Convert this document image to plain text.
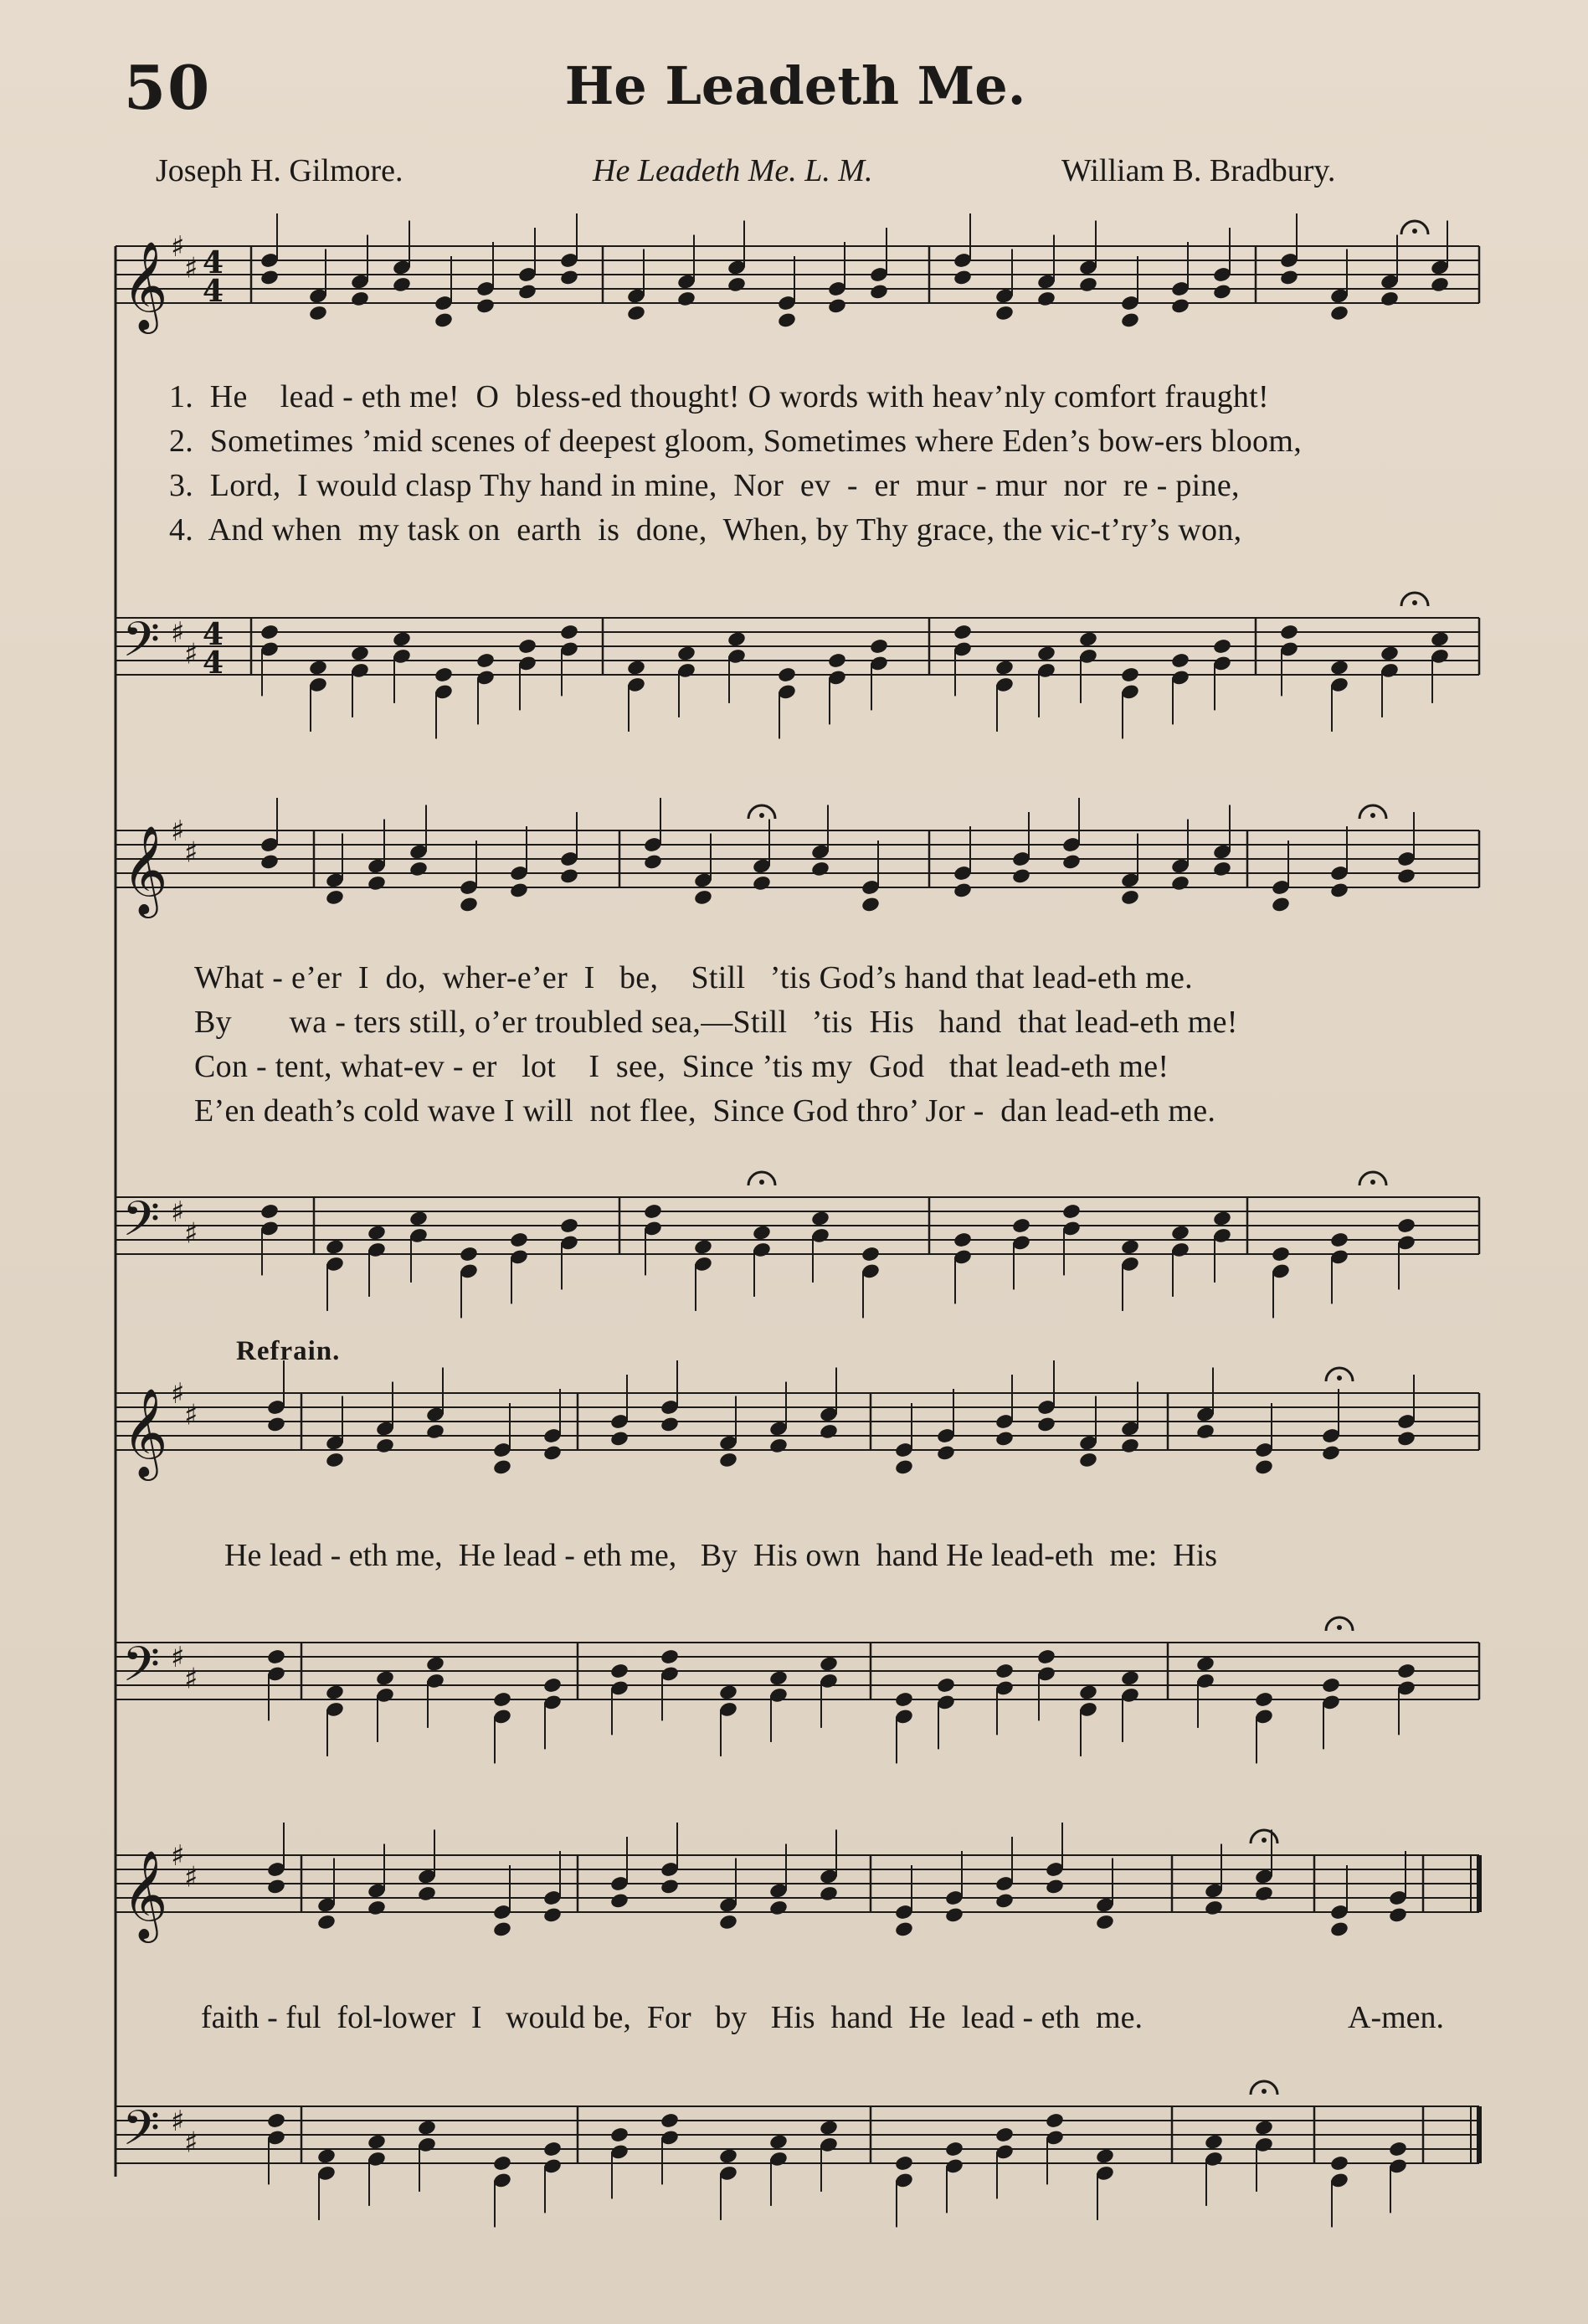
50	He Leadeth Me.
Joseph H. Gilmore.	He Leadeth Me. L. M.	William B. Bradbury.
𝄞
𝄢
♯
♯
♯
♯
4
4
4
4
𝄞
𝄢
♯
♯
♯
♯
𝄞
𝄢
♯
♯
♯
♯
𝄞
𝄢
♯
♯
♯
♯
1.  He    lead - eth me!  O  bless-ed thought! O words with heav’nly comfort fraught!
2.  Sometimes ’mid scenes of deepest gloom, Sometimes where Eden’s bow-ers bloom,
3.  Lord,  I would clasp Thy hand in mine,  Nor  ev  -  er  mur - mur  nor  re - pine,
4.  And when  my task on  earth  is  done,  When, by Thy grace, the vic-t’ry’s won,
What - e’er  I  do,  wher-e’er  I   be,    Still   ’tis God’s hand that lead-eth me.
By       wa - ters still, o’er troubled sea,—Still   ’tis  His   hand  that lead-eth me!
Con - tent, what-ev - er   lot    I  see,  Since ’tis my  God   that lead-eth me!
E’en death’s cold wave I will  not flee,  Since God thro’ Jor -  dan lead-eth me.
Refrain.
He lead - eth me,  He lead - eth me,   By  His own  hand He lead-eth  me:  His
faith - ful  fol-lower  I   would be,  For   by   His  hand  He  lead - eth  me.	A-men.
